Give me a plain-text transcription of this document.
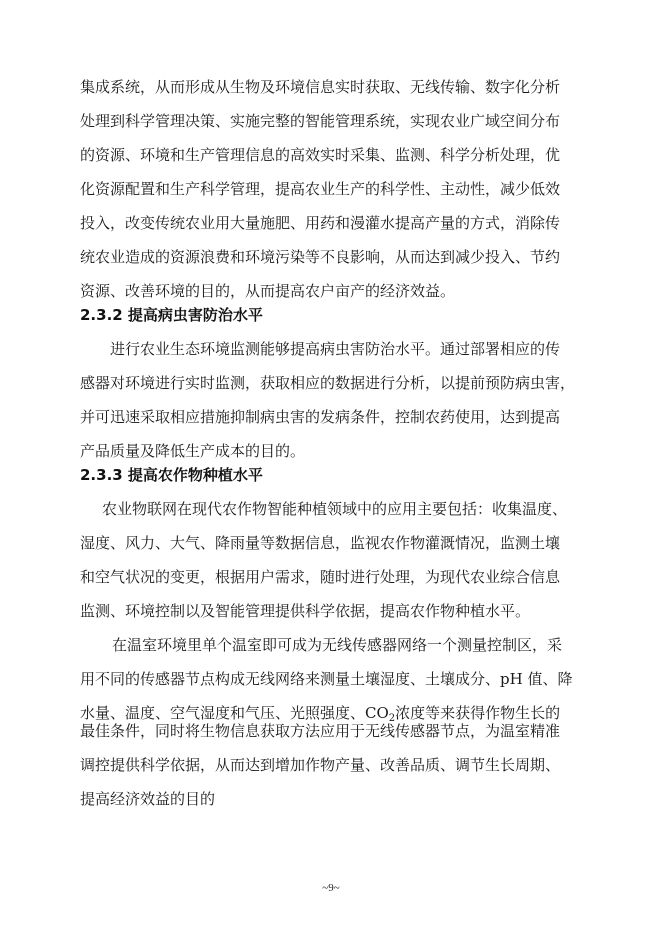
集成系统，从而形成从生物及环境信息实时获取、无线传输、数字化分析
处理到科学管理决策、实施完整的智能管理系统，实现农业广域空间分布
的资源、环境和生产管理信息的高效实时采集、监测、科学分析处理，优
化资源配置和生产科学管理，提高农业生产的科学性、主动性，减少低效
投入，改变传统农业用大量施肥、用药和漫灌水提高产量的方式，消除传
统农业造成的资源浪费和环境污染等不良影响，从而达到减少投入、节约
资源、改善环境的目的，从而提高农户亩产的经济效益。
2.3.2 提高病虫害防治水平
进行农业生态环境监测能够提高病虫害防治水平。通过部署相应的传
感器对环境进行实时监测，获取相应的数据进行分析，以提前预防病虫害，
并可迅速采取相应措施抑制病虫害的发病条件，控制农药使用，达到提高
产品质量及降低生产成本的目的。
2.3.3 提高农作物种植水平
农业物联网在现代农作物智能种植领域中的应用主要包括：收集温度、
湿度、风力、大气、降雨量等数据信息，监视农作物灌溉情况，监测土壤
和空气状况的变更，根据用户需求，随时进行处理，为现代农业综合信息
监测、环境控制以及智能管理提供科学依据，提高农作物种植水平。
在温室环境里单个温室即可成为无线传感器网络一个测量控制区，采
用不同的传感器节点构成无线网络来测量土壤湿度、土壤成分、pH 值、降
水量、温度、空气湿度和气压、光照强度、$CO_2$浓度等来获得作物生长的
最佳条件，同时将生物信息获取方法应用于无线传感器节点，为温室精准
调控提供科学依据，从而达到增加作物产量、改善品质、调节生长周期、
提高经济效益的目的
~9~
